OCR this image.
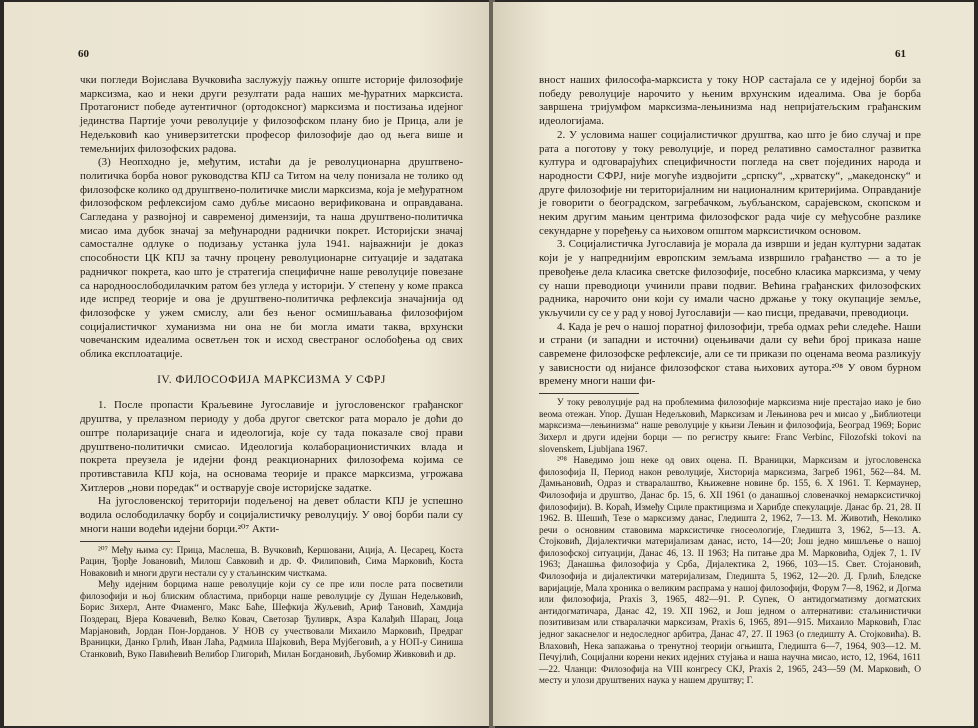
60

чки погледи Војислава Вучковића заслужују пажњу опште историје филозофије марксизма, као и неки други резултати рада наших мe-ђуратних марксиста. Протагонист победе аутентичног (ортодоксног) марксизма и постизања идејног јединства Партије уочи револуције у филозофском плану био је Прица, али је Недељковић као универзитетски професор филозофије дао од њега више и темељнијих филозофских радова.

(3) Неопходно је, међутим, истаћи да је револуционарна друштвено-политичка борба новог руководства КПЈ са Титом на челу понизала не толико од филозофске колико од друштвено-политичке мисли марксизма, која је међуратном филозофском рефлексијом само дубље мисаоно верификована и оправдавана. Сагледана у развојној и савременој димензији, та наша друштвено-политичка мисао има дубок значај за међународни раднички покрет. Историјски значај самосталне одлуке о подизању устанка јула 1941. најважнији је доказ способности ЦК КПЈ за тачну процену револуционарне ситуације и задатака радничког покрета, као што је стратегија специфичне наше револуције повезане са народноослободилачким ратом без угледа у историји. У степену у коме пракса иде испред теорије и ова је друштвено-политичка рефлексија значајнија од филозофске у ужем смислу, али без њеног осмишљавања филозофијом социјалистичког хуманизма ни она не би могла имати таква, врхунски човечанским идеалима осветљен ток и исход свестраног ослобођења од свих облика експлоатације.

IV. ФИЛОСОФИЈА МАРКСИЗМА У СФРЈ

1. После пропасти Краљевине Југославије и југословенског грађанског друштва, у прелазном периоду у доба другог светског рата морало је доћи до оштре поларизације снага и идеологија, које су тада показале свој прави друштвено-политички смисао. Идеологија колаборационистичких влада и покрета преузела је идејни фонд реакционарних филозофема којима се противставила КПЈ која, на основама теорије и праксе марксизма, угрожава Хитлеров „нови поредак“ и остварује своје историјске задатке.

На југословенској територији подељеној на девет области КПЈ је успешно водила ослободилачку борбу и социјалистичку револуцију. У овој борби пали су многи наши водећи идејни борци.²⁰⁷ Акти-

²⁰⁷ Међу њима су: Прица, Маслеша, В. Вучковић, Кершовани, Ација, А. Цесарец, Коста Рацин, Ђорђе Јовановић, Милош Савковић и др. Ф. Филиповић, Сима Марковић, Коста Новаковић и многи други нестали су у стаљинским чисткама.

Међу идејним борцима наше револуције који су се пре или после рата посветили филозофији и њој блиским областима, приборци наше револуције су Душан Недељковић, Борис Зихерл, Анте Фиаменго, Макс Баће, Шефкија Жуљевић, Ариф Тановић, Хамдија Поздерац, Вјера Ковачевић, Велко Ковач, Светозар Ђуливрк, Азра Калађић Шарац, Јоца Марјановић, Јордан Пон-Јорданов. У НОВ су учествовали Михаило Марковић, Предраг Враницки, Данко Грлић, Иван Лаћа, Радмила Шајковић, Вера Мујбеговић, а у НОП-у Синиша Станковић, Вуко Павићевић Велибор Глигорић, Милан Богдановић, Љубомир Живковић и др.

61

вност наших философа-марксиста у току НОР састајала се у идејној борби за победу револуције нарочито у њеним врхунским идеалима. Ова је борба завршена тријумфом марксизма-лењинизма над непријатељским грађанским идеологијама.

2. У условима нашег социјалистичког друштва, као што је био случај и пре рата а поготову у току револуције, и поред релативно самосталног развитка култура и одговарајућих специфичности погледа на свет појединих народа и народности СФРЈ, није могуће издвојити „српску“, „хрватску“, „македонску“ и друге филозофије ни територијалним ни националним критеријима. Оправданије је говорити о београдском, загребачком, љубљанском, сарајевском, скопском и неким другим мањим центрима филозофског рада чије су међусобне разлике секундарне у поређењу са њиховом општом марксистичком основом.

3. Социјалистичка Југославија је морала да изврши и један културни задатак који је у напреднијим европским земљама извршило грађанство — а то је превођење дела класика светске филозофије, посебно класика марксизма, у чему су наши преводиоци учинили прави подвиг. Већина грађанских филозофских радника, нарочито они који су имали часно држање у току окупације земље, укључили су се у рад у новој Југославији — као писци, предавачи, преводиоци.

4. Када је реч о нашој поратној филозофији, треба одмах рећи следеће. Наши и страни (и западни и источни) оцењивачи дали су већи број приказа наше савремене филозофске рефлексије, али се ти прикази по оценама веома разликују у зависности од нијансе филозофског става њихових аутора.²⁰⁸ У овом бурном времену многи наши фи-

У току револуције рад на проблемима филозофије марксизма није престајао иако је био веома отежан. Упор. Душан Недељковић, Марксизам и Лењинова реч и мисао у „Библиотеци марксизма—лењинизма“ наше револуције у књизи Лењин и филозофија, Београд 1969; Борис Зихерл и други идејни борци — по регистру књиге: Franc Verbinc, Filozofski tokovi na slovenskem, Ljubljana 1967.

²⁰⁸ Наведимо још неке од ових оцена. П. Враницки, Марксизам и југословенска филозофија II, Период након револуције, Хисторија марксизма, Загреб 1961, 562—84. М. Дамњановић, Одраз и стваралаштво, Књижевне новине бр. 155, 6. X 1961. Т. Кермаунер, Филозофија и друштво, Данас бр. 15, 6. XII 1961 (о данашњој словеначкој немарксистичкој филозофији). В. Кораћ, Између Сциле практицизма и Харибде спекулације. Данас бр. 21, 28. II 1962. В. Шешић, Тезе о марксизму данас, Гледишта 2, 1962, 7—13. М. Животић, Неколико речи о основним ставовима марксистичке гносеологије, Гледишта 3, 1962, 5—13. А. Стојковић, Дијалектички материјализам данас, исто, 14—20; Још једно мишљење о нашој филозофској ситуацији, Данас 46, 13. II 1963; На питање дра М. Марковића, Одјек 7, 1. IV 1963; Данашња филозофија у Срба, Дијалектика 2, 1966, 103—15. Свет. Стојановић, Филозофија и дијалектички материјализам, Гледишта 5, 1962, 12—20. Д. Грлић, Бледске варијације, Мала хроника о великим распрама у нашој филозофији, Форум 7—8, 1962, и Догма или филозофија, Praxis 3, 1965, 482—91. Р. Супек, О антидогматизму догматских антидогматичара, Данас 42, 19. XII 1962, и Још једном о алтернативи: стаљинистички позитивизам или стваралачки марксизам, Praxis 6, 1965, 891—915. Михаило Марковић, Глас једног закаснелог и недоследног арбитра, Данас 47, 27. II 1963 (о гледишту А. Стојковића). В. Влаховић, Нека запажања о тренутној теорији огњишта, Гледишта 6—7, 1964, 903—12. М. Печујлић, Социјални корени неких идејних стујања и наша научна мисао, исто, 12, 1964, 1611—22. Чланци: Филозофија на VIII конгресу СКЈ, Praxis 2, 1965, 243—59 (М. Марковић, О месту и улози друштвених наука у нашем друштву; Г.
